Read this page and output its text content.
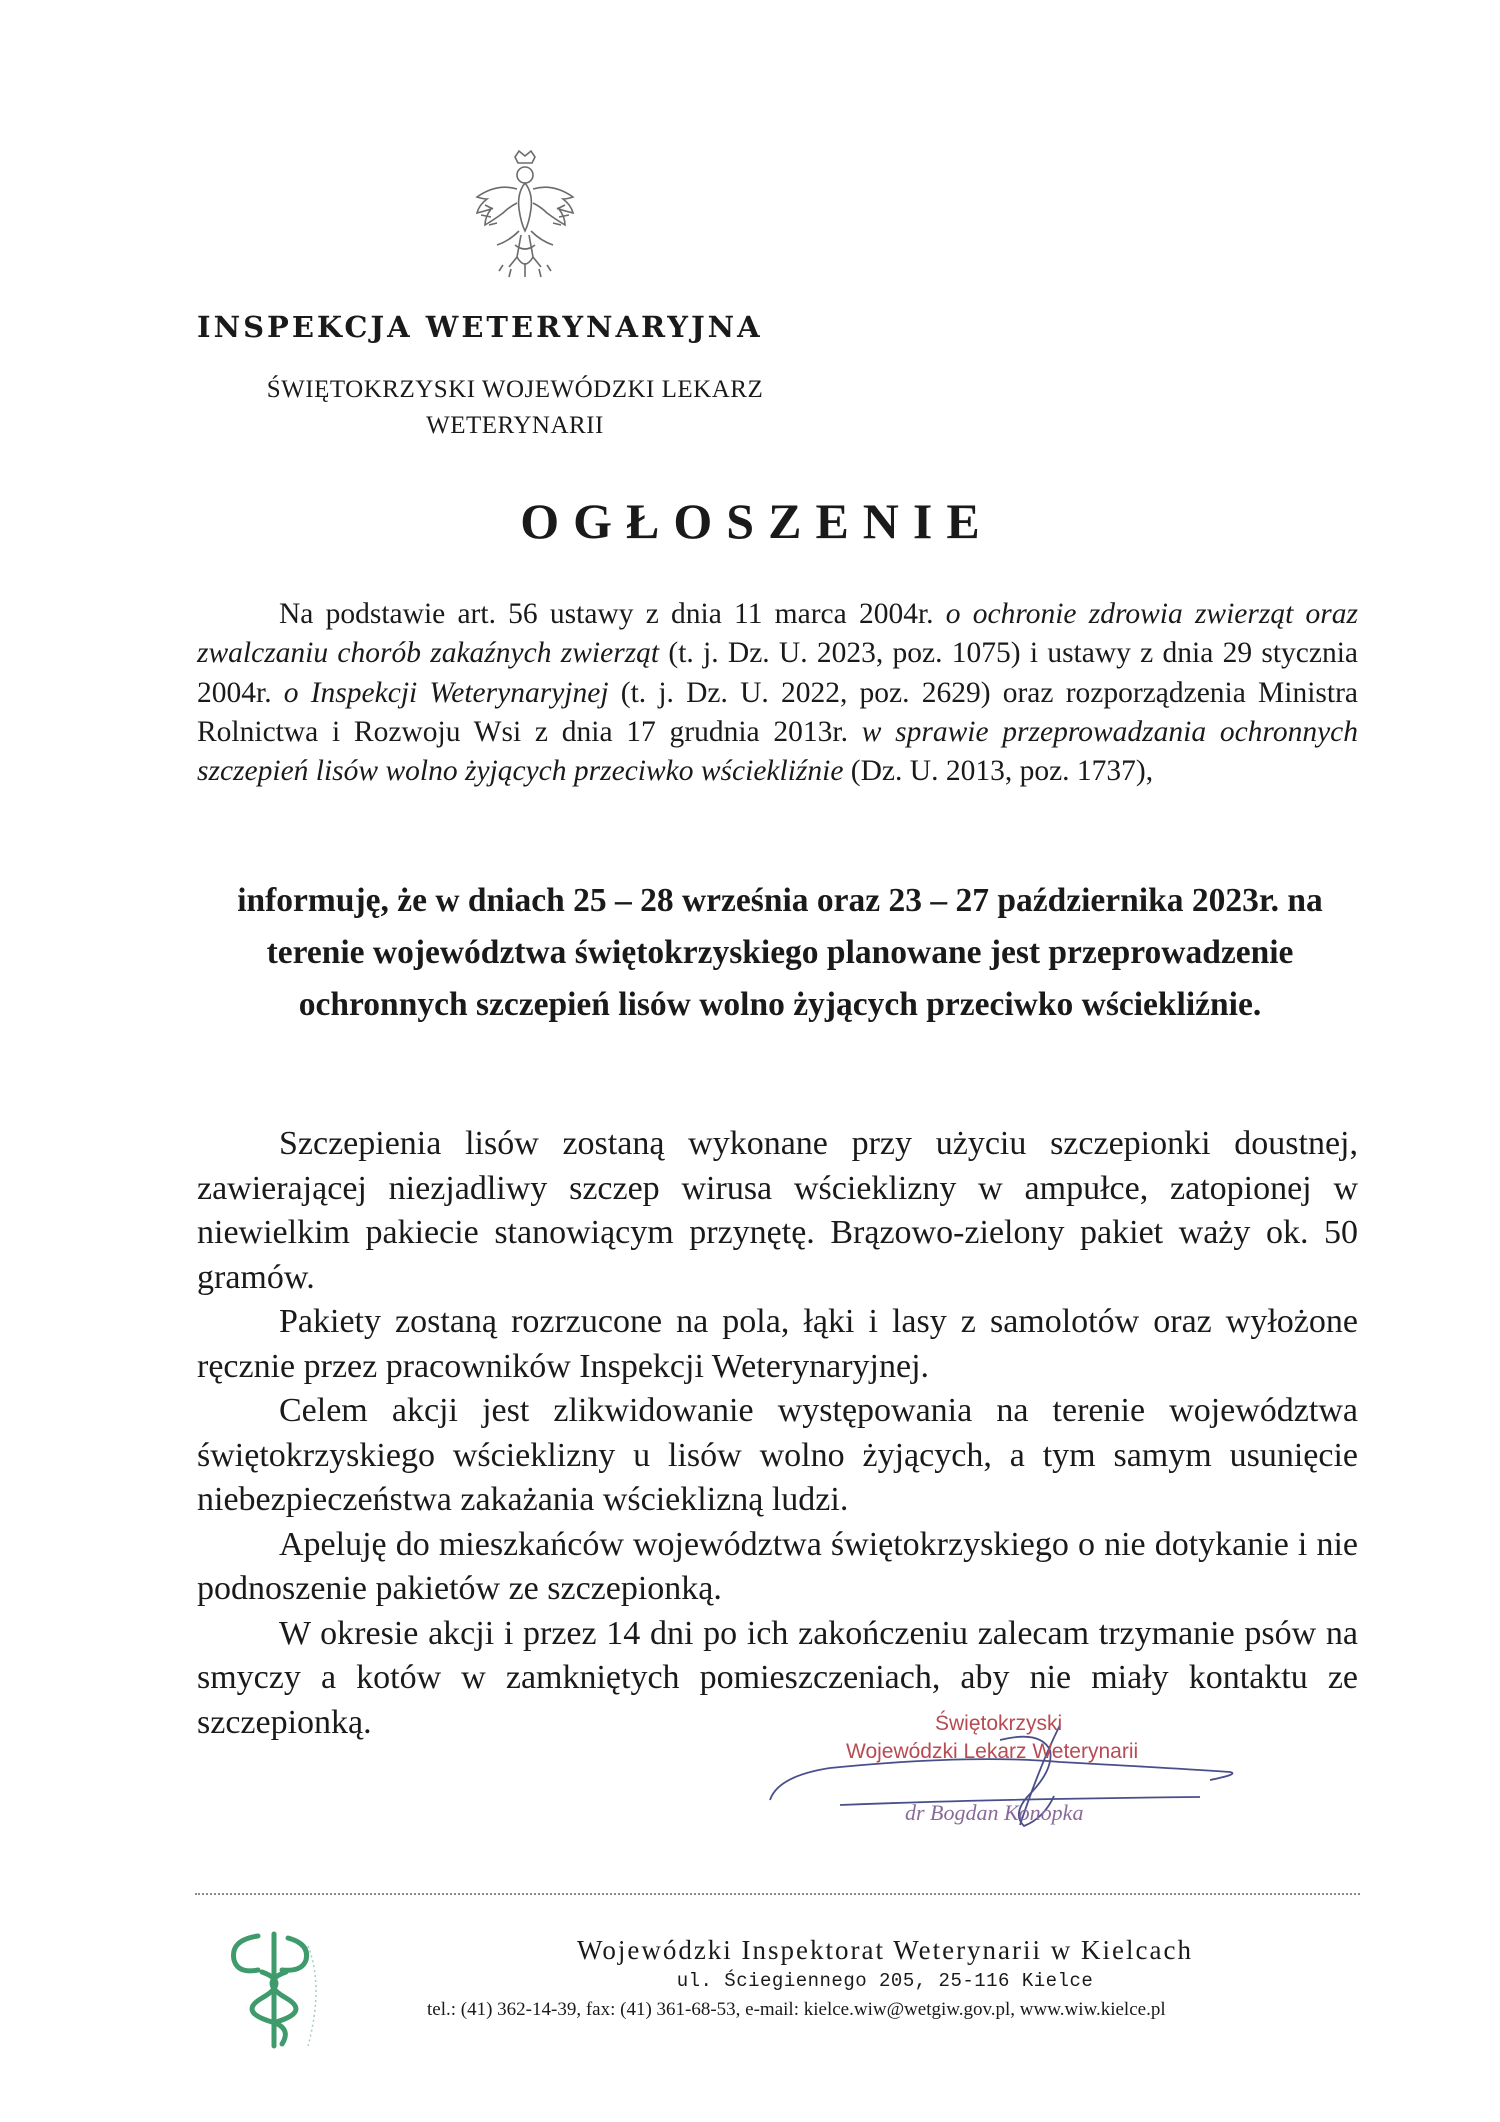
INSPEKCJA WETERYNARYJNA
ŚWIĘTOKRZYSKI WOJEWÓDZKI LEKARZ
WETERYNARII
OGŁOSZENIE

Na podstawie art. 56 ustawy z dnia 11 marca 2004r. o ochronie zdrowia zwierząt oraz zwalczaniu chorób zakaźnych zwierząt (t. j. Dz. U. 2023, poz. 1075) i ustawy z dnia 29 stycznia 2004r. o Inspekcji Weterynaryjnej (t. j. Dz. U. 2022, poz. 2629) oraz rozporządzenia Ministra Rolnictwa i Rozwoju Wsi z dnia 17 grudnia 2013r. w sprawie przeprowadzania ochronnych szczepień lisów wolno żyjących przeciwko wściekliźnie (Dz. U. 2013, poz. 1737),

informuję, że w dniach 25 – 28 września oraz 23 – 27 października 2023r. na terenie województwa świętokrzyskiego planowane jest przeprowadzenie ochronnych szczepień lisów wolno żyjących przeciwko wściekliźnie.

Szczepienia lisów zostaną wykonane przy użyciu szczepionki doustnej, zawierającej niezjadliwy szczep wirusa wścieklizny w ampułce, zatopionej w niewielkim pakiecie stanowiącym przynętę. Brązowo-zielony pakiet waży ok. 50 gramów.

Pakiety zostaną rozrzucone na pola, łąki i lasy z samolotów oraz wyłożone ręcznie przez pracowników Inspekcji Weterynaryjnej.

Celem akcji jest zlikwidowanie występowania na terenie województwa świętokrzyskiego wścieklizny u lisów wolno żyjących, a tym samym usunięcie niebezpieczeństwa zakażania wścieklizną ludzi.

Apeluję do mieszkańców województwa świętokrzyskiego o nie dotykanie i nie podnoszenie pakietów ze szczepionką.

W okresie akcji i przez 14 dni po ich zakończeniu zalecam trzymanie psów na smyczy a kotów w zamkniętych pomieszczeniach, aby nie miały kontaktu ze szczepionką.	Świętokrzyski
Wojewódzki Lekarz Weterynarii
dr Bogdan Konopka
Wojewódzki Inspektorat Weterynarii w Kielcach
ul. Ściegiennego 205, 25-116 Kielce
tel.: (41) 362-14-39, fax: (41) 361-68-53, e-mail: kielce.wiw@wetgiw.gov.pl, www.wiw.kielce.pl
